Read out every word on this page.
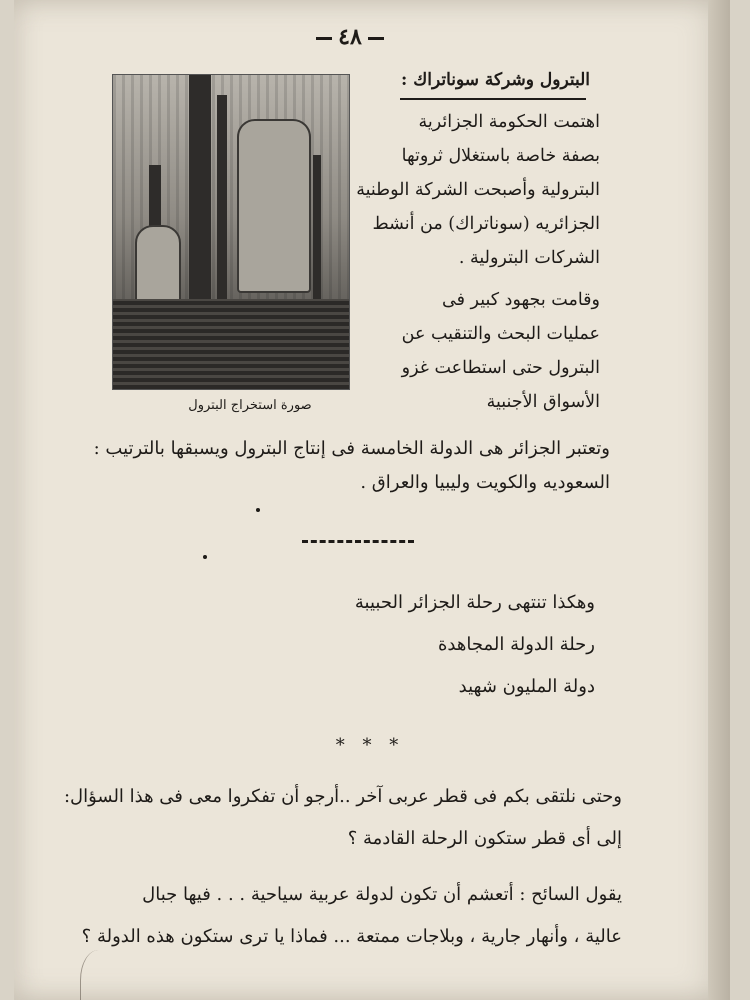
٤٨
صورة استخراج البترول
البترول وشركة سوناتراك :
اهتمت الحكومة الجزائرية
بصفة خاصة باستغلال ثروتها
البترولية وأصبحت الشركة الوطنية
الجزائريه (سوناتراك) من أنشط
الشركات البترولية .
وقامت بجهود كبير فى
عمليات البحث والتنقيب عن
البترول حتى استطاعت غزو
الأسواق الأجنبية
وتعتبر الجزائر هى الدولة الخامسة فى إنتاج البترول ويسبقها بالترتيب :
السعوديه والكويت وليبيا والعراق .
وهكذا تنتهى رحلة الجزائر الحبيبة
رحلة الدولة المجاهدة
دولة المليون شهيد
* * *
وحتى نلتقى بكم فى قطر عربى آخر ..أرجو أن تفكروا معى فى هذا السؤال:
إلى أى قطر ستكون الرحلة القادمة ؟
يقول السائح : أتعشم أن تكون لدولة عربية سياحية . . . فيها جبال
عالية ، وأنهار جارية ، وبلاجات ممتعة ... فماذا يا ترى ستكون هذه الدولة ؟
